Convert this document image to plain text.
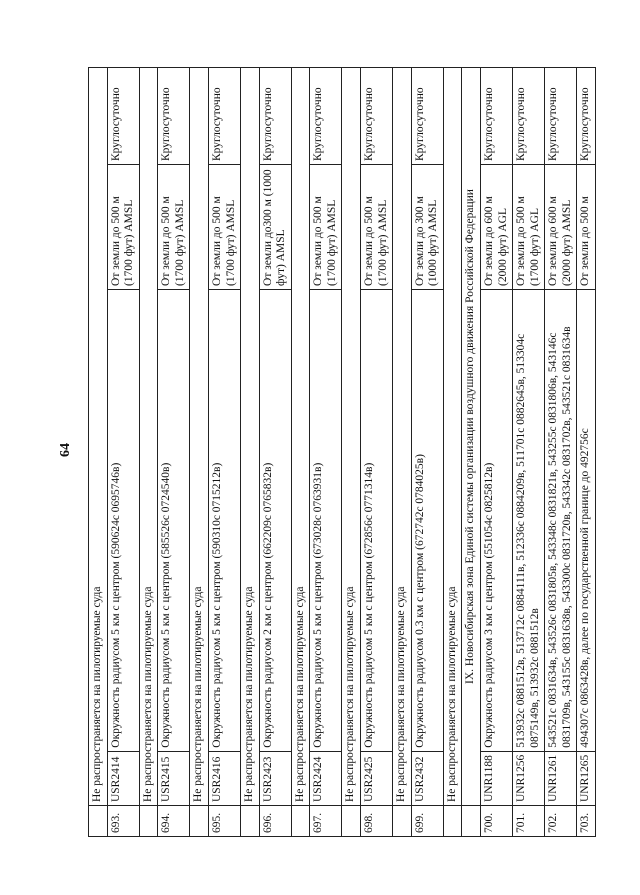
64
	Не распространяется на пилотируемые суда			
693.	USR2414	Окружность радиусом 5 км с центром (590624с 0695746в)	От земли до 500 м (1700 фут) AMSL	Круглосуточно
	Не распространяется на пилотируемые суда			
694.	USR2415	Окружность радиусом 5 км с центром (585526с 0724540в)	От земли до 500 м (1700 фут) AMSL	Круглосуточно
	Не распространяется на пилотируемые суда			
695.	USR2416	Окружность радиусом 5 км с центром (590310с 0715212в)	От земли до 500 м (1700 фут) AMSL	Круглосуточно
	Не распространяется на пилотируемые суда			
696.	USR2423	Окружность радиусом 2 км с центром (662209с 0765832в)	От земли до300 м (1000 фут) AMSL	Круглосуточно
	Не распространяется на пилотируемые суда			
697.	USR2424	Окружность радиусом 5 км с центром (673028с 0763931в)	От земли до 500 м (1700 фут) AMSL	Круглосуточно
	Не распространяется на пилотируемые суда			
698.	USR2425	Окружность радиусом 5 км с центром (672856с 0771314в)	От земли до 500 м (1700 фут) AMSL	Круглосуточно
	Не распространяется на пилотируемые суда			
699.	USR2432	Окружность радиусом 0.3 км с центром (672742с 0784025в)	От земли до 300 м (1000 фут) AMSL	Круглосуточно
	Не распространяется на пилотируемые суда			
	IX. Новосибирская зона Единой системы организации воздушного движения Российской Федерации			
700.	UNR1188	Окружность радиусом 3 км с центром (551054с 0825812в)	От земли до 600 м (2000 фут) AGL	Круглосуточно
701.	UNR1256	513932с 0881512в, 513712с 0884111в, 512336с 0884209в, 511701с 0882645в, 513304с 0875149в, 513932с 0881512в	От земли до 500 м (1700 фут) AGL	Круглосуточно
702.	UNR1261	543521с 0831634в, 543526с 0831805в, 543348с 0831821в, 543255с 0831806в, 543146с 0831709в, 543155с 0831638в, 543300с 0831720в, 543342с 0831702в, 543521с 0831634в	От земли до 600 м (2000 фут) AMSL	Круглосуточно
703.	UNR1265	494307с 0863428в, далее по государственной границе до 492756с	От земли до 500 м	Круглосуточно
